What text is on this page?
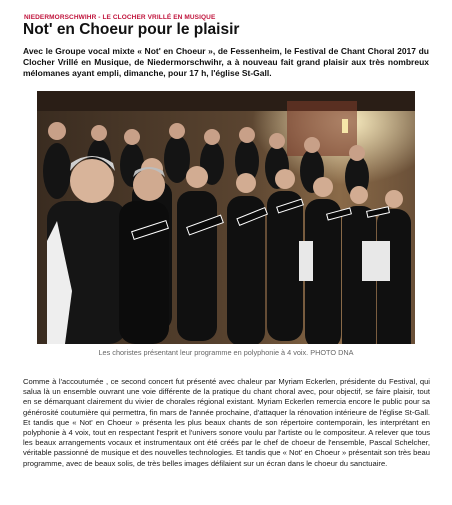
NIEDERMORSCHWIHR - LE CLOCHER VRILLÉ EN MUSIQUE
Not' en Choeur pour le plaisir

Avec le Groupe vocal mixte « Not' en Choeur », de Fessenheim, le Festival de Chant Choral 2017 du Clocher Vrillé en Musique, de Niedermorschwihr, a à nouveau fait grand plaisir aux très nombreux mélomanes ayant empli, dimanche, pour 17 h, l'église St-Gall.

Les choristes présentant leur programme en polyphonie à 4 voix. PHOTO DNA

Comme à l'accoutumée , ce second concert fut présenté avec chaleur par Myriam Eckerlen, présidente du Festival, qui salua là un ensemble ouvrant une voie différente de la pratique du chant choral avec, pour objectif, se faire plaisir, tout en se démarquant clairement du vivier de chorales régional existant. Myriam Eckerlen remercia encore le public pour sa générosité coutumière qui permettra, fin mars de l'année prochaine, d'attaquer la rénovation intérieure de l'église St-Gall. Et tandis que « Not' en Choeur » présenta les plus beaux chants de son répertoire contemporain, les interprétant en polyphonie à 4 voix, tout en respectant l'esprit et l'univers sonore voulu par l'artiste ou le compositeur. A relever que tous les beaux arrangements vocaux et instrumentaux ont été créés par le chef de choeur de l'ensemble, Pascal Schelcher, véritable passionné de musique et des nouvelles technologies. Et tandis que « Not' en Choeur » présentait son très beau programme, avec de beaux solis, de très belles images défilaient sur un écran dans le choeur du sanctuaire.
